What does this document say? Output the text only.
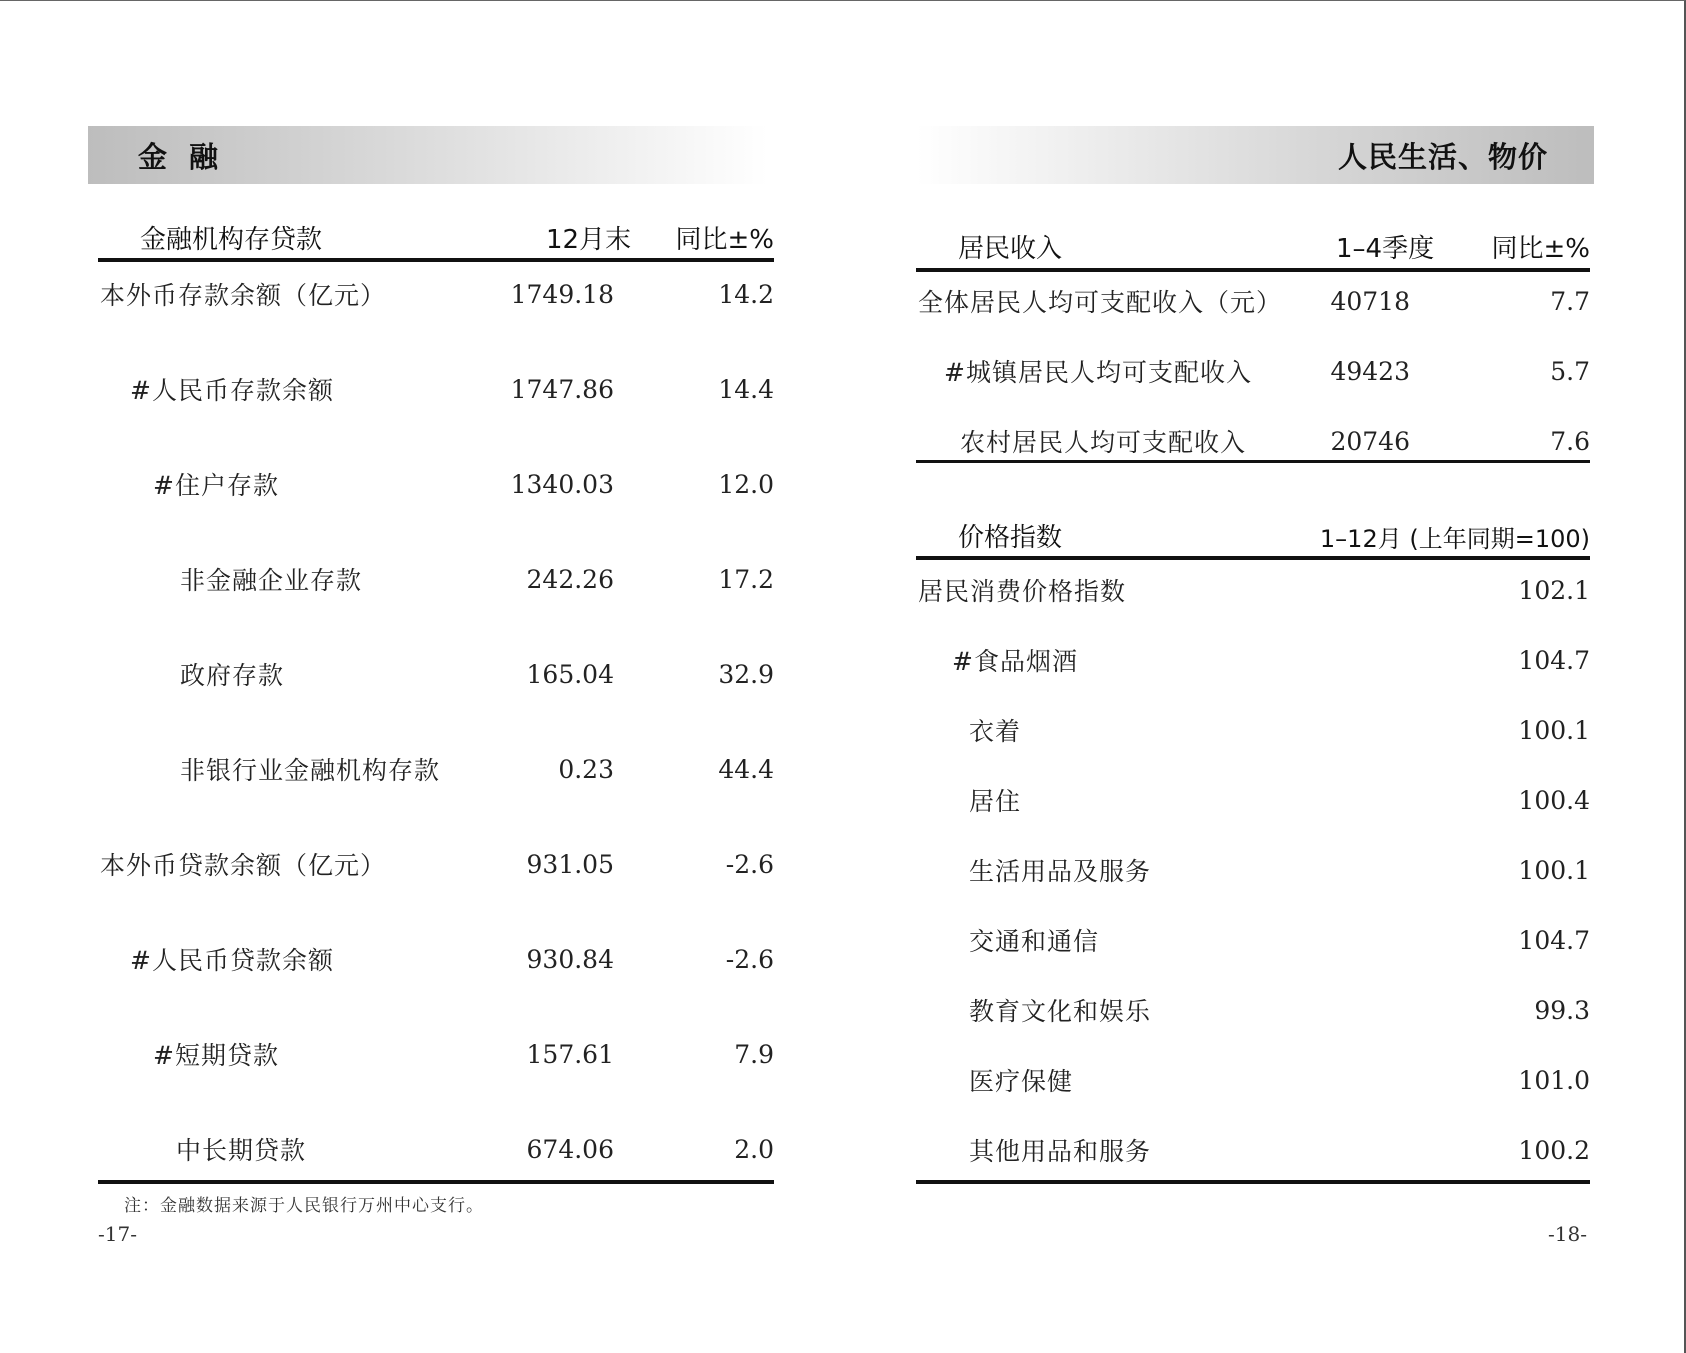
金融
金融机构存贷款	12月末	同比±%
本外币存款余额（亿元）	1749.18	14.2
#人民币存款余额	1747.86	14.4
#住户存款	1340.03	12.0
非金融企业存款	242.26	17.2
政府存款	165.04	32.9
非银行业金融机构存款	0.23	44.4
本外币贷款余额（亿元）	931.05	-2.6
#人民币贷款余额	930.84	-2.6
#短期贷款	157.61	7.9
中长期贷款	674.06	2.0
注：金融数据来源于人民银行万州中心支行。
-17-
人民生活、物价
居民收入	1–4季度	同比±%
全体居民人均可支配收入（元）	40718	7.7
#城镇居民人均可支配收入	49423	5.7
农村居民人均可支配收入	20746	7.6
价格指数	1–12月 (上年同期=100)
居民消费价格指数	102.1
#食品烟酒	104.7
衣着	100.1
居住	100.4
生活用品及服务	100.1
交通和通信	104.7
教育文化和娱乐	99.3
医疗保健	101.0
其他用品和服务	100.2
-18-
